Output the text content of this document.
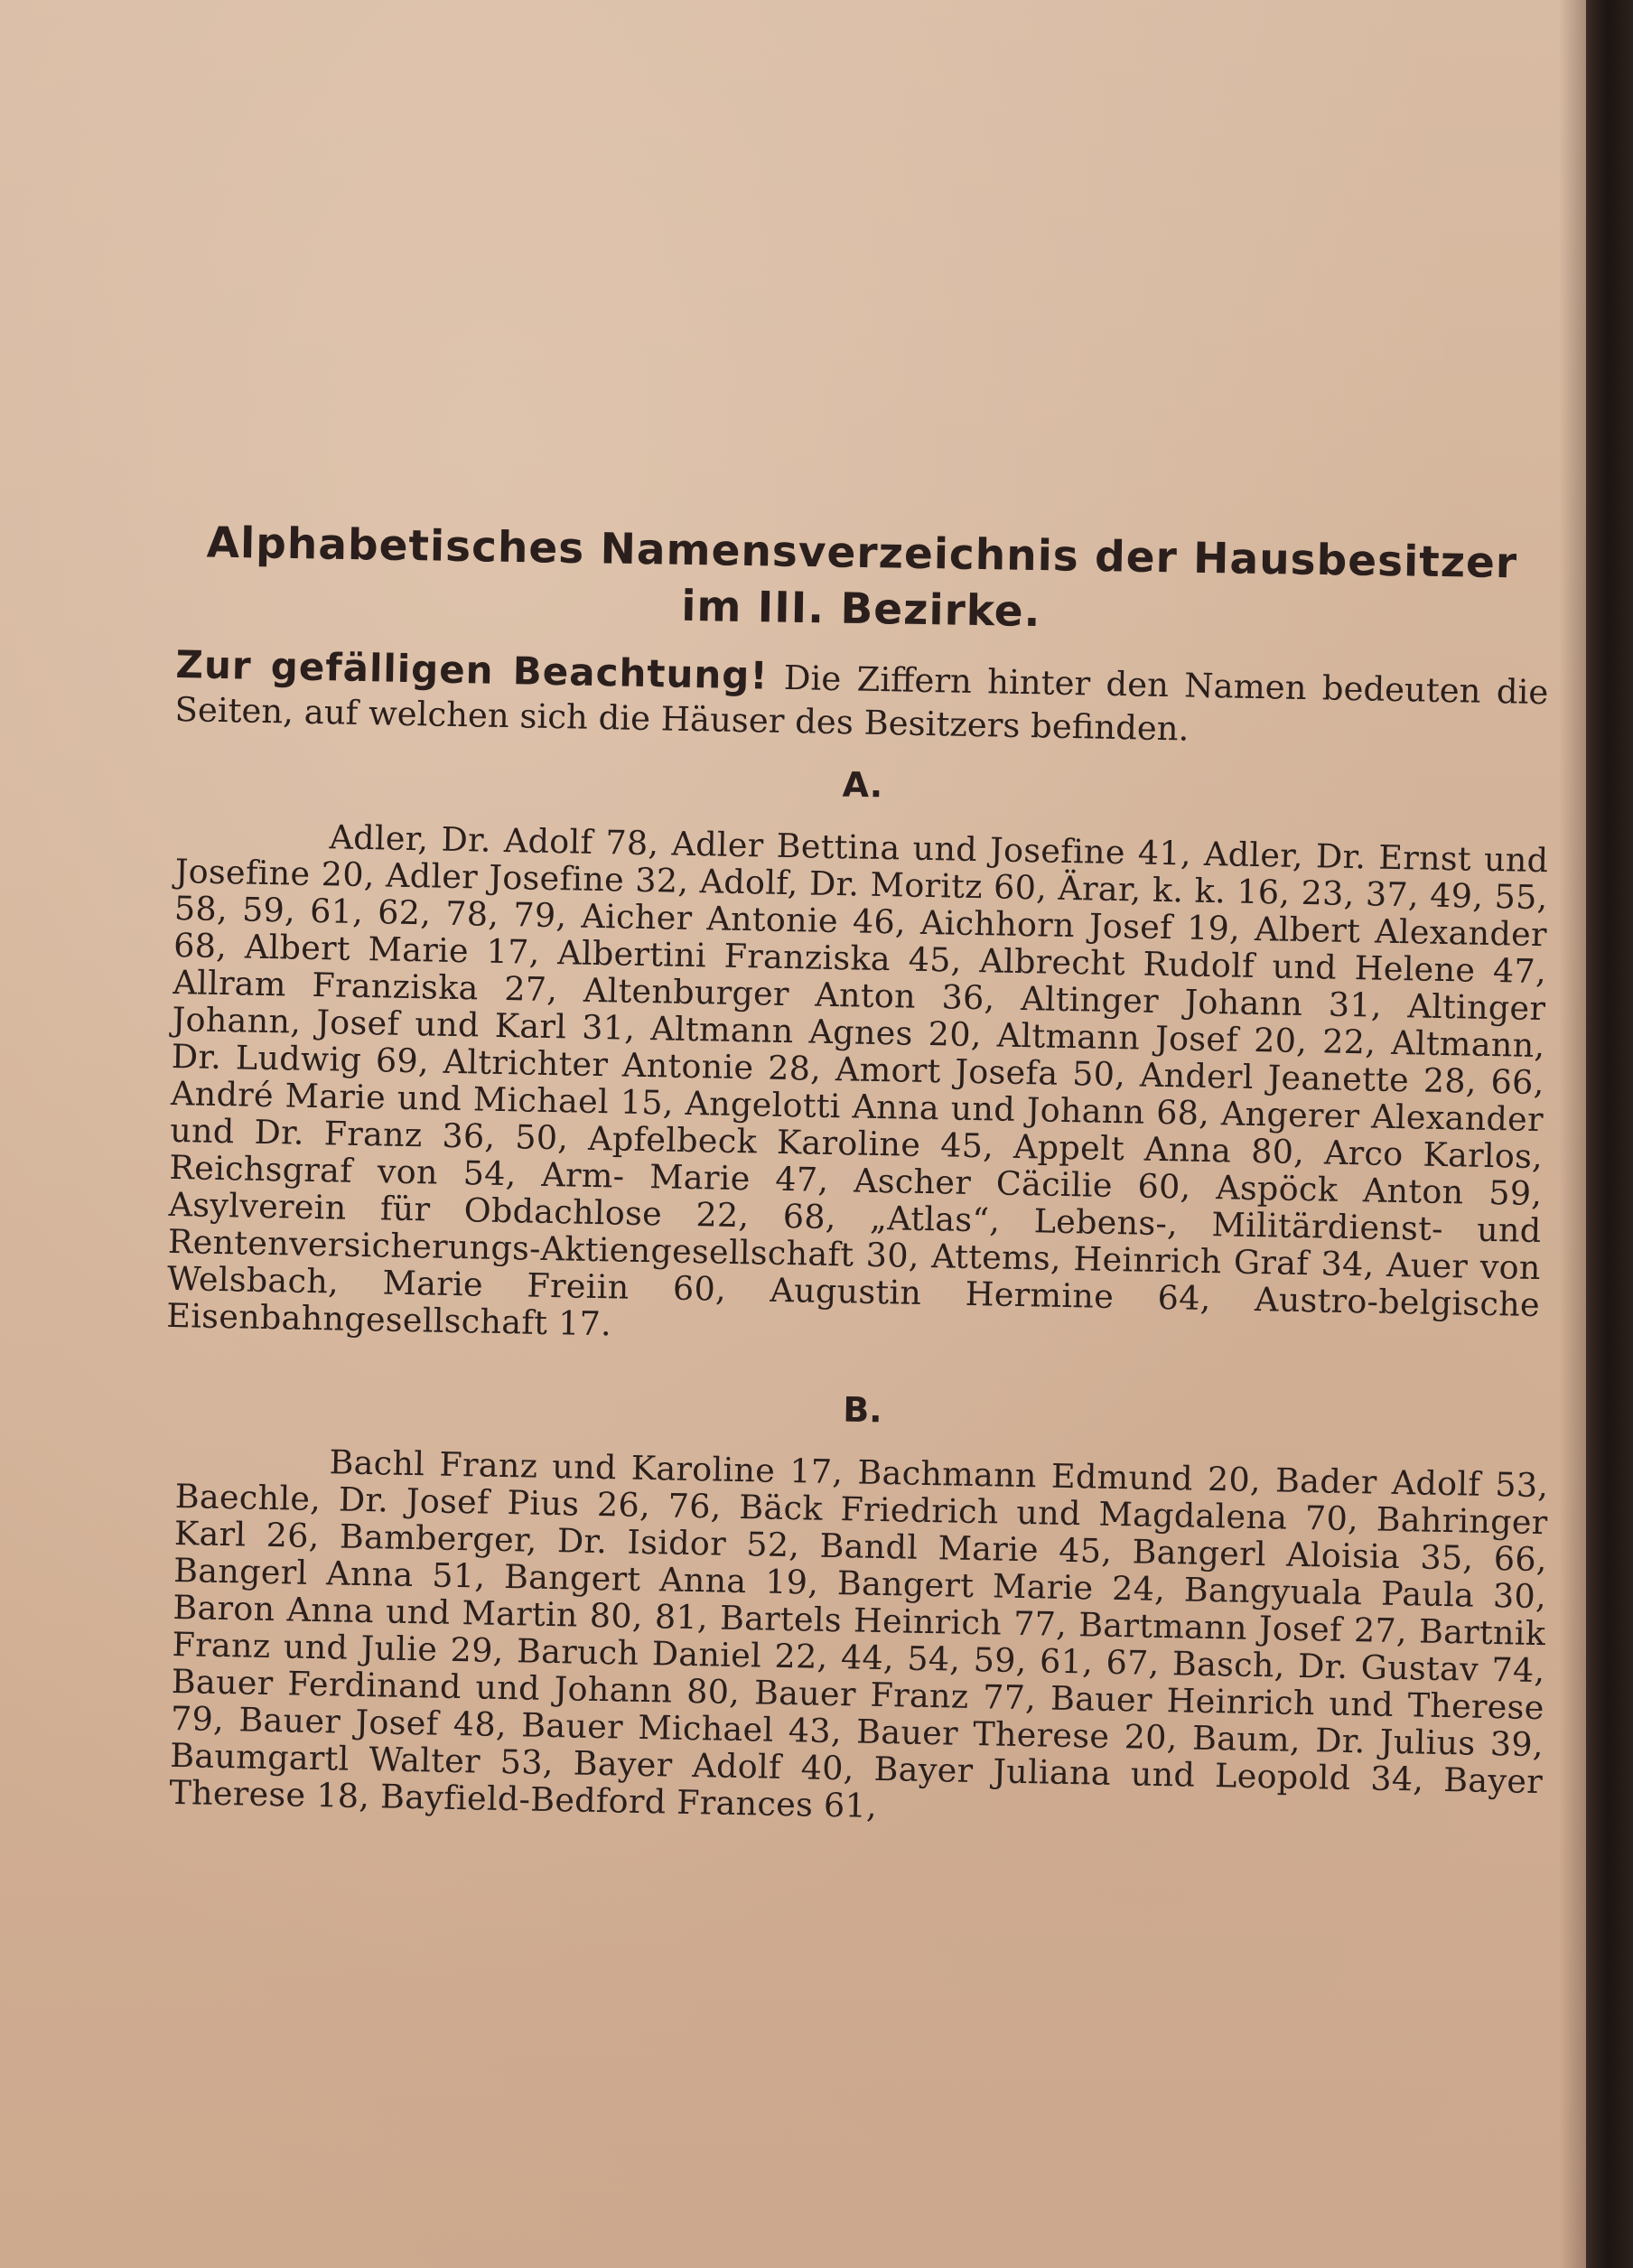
Alphabetisches Namensverzeichnis der Hausbesitzer
im III. Bezirke.

Zur gefälligen Beachtung! Die Ziffern hinter den Namen bedeuten die Seiten, auf welchen sich die Häuser des Besitzers befinden.

A.

Adler, Dr. Adolf 78, Adler Bettina und Josefine 41, Adler, Dr. Ernst und Josefine 20, Adler Josefine 32, Adolf, Dr. Moritz 60, Ärar, k. k. 16, 23, 37, 49, 55, 58, 59, 61, 62, 78, 79, Aicher Antonie 46, Aichhorn Josef 19, Albert Alexander 68, Albert Marie 17, Albertini Franziska 45, Albrecht Rudolf und Helene 47, Allram Franziska 27, Altenburger Anton 36, Altinger Johann 31, Altinger Johann, Josef und Karl 31, Altmann Agnes 20, Altmann Josef 20, 22, Altmann, Dr. Ludwig 69, Altrichter Antonie 28, Amort Josefa 50, Anderl Jeanette 28, 66, André Marie und Michael 15, Angelotti Anna und Johann 68, Angerer Alexander und Dr. Franz 36, 50, Apfelbeck Karoline 45, Appelt Anna 80, Arco Karlos, Reichsgraf von 54, Arm- Marie 47, Ascher Cäcilie 60, Aspöck Anton 59, Asylverein für Obdachlose 22, 68, „Atlas“, Lebens-, Militärdienst- und Rentenversicherungs-Aktiengesellschaft 30, Attems, Heinrich Graf 34, Auer von Welsbach, Marie Freiin 60, Augustin Hermine 64, Austro-belgische Eisenbahngesellschaft 17.

B.

Bachl Franz und Karoline 17, Bachmann Edmund 20, Bader Adolf 53, Baechle, Dr. Josef Pius 26, 76, Bäck Friedrich und Magdalena 70, Bahringer Karl 26, Bamberger, Dr. Isidor 52, Bandl Marie 45, Bangerl Aloisia 35, 66, Bangerl Anna 51, Bangert Anna 19, Bangert Marie 24, Bangyuala Paula 30, Baron Anna und Martin 80, 81, Bartels Heinrich 77, Bartmann Josef 27, Bartnik Franz und Julie 29, Baruch Daniel 22, 44, 54, 59, 61, 67, Basch, Dr. Gustav 74, Bauer Ferdinand und Johann 80, Bauer Franz 77, Bauer Heinrich und Therese 79, Bauer Josef 48, Bauer Michael 43, Bauer Therese 20, Baum, Dr. Julius 39, Baumgartl Walter 53, Bayer Adolf 40, Bayer Juliana und Leopold 34, Bayer Therese 18, Bayfield-Bedford Frances 61,
